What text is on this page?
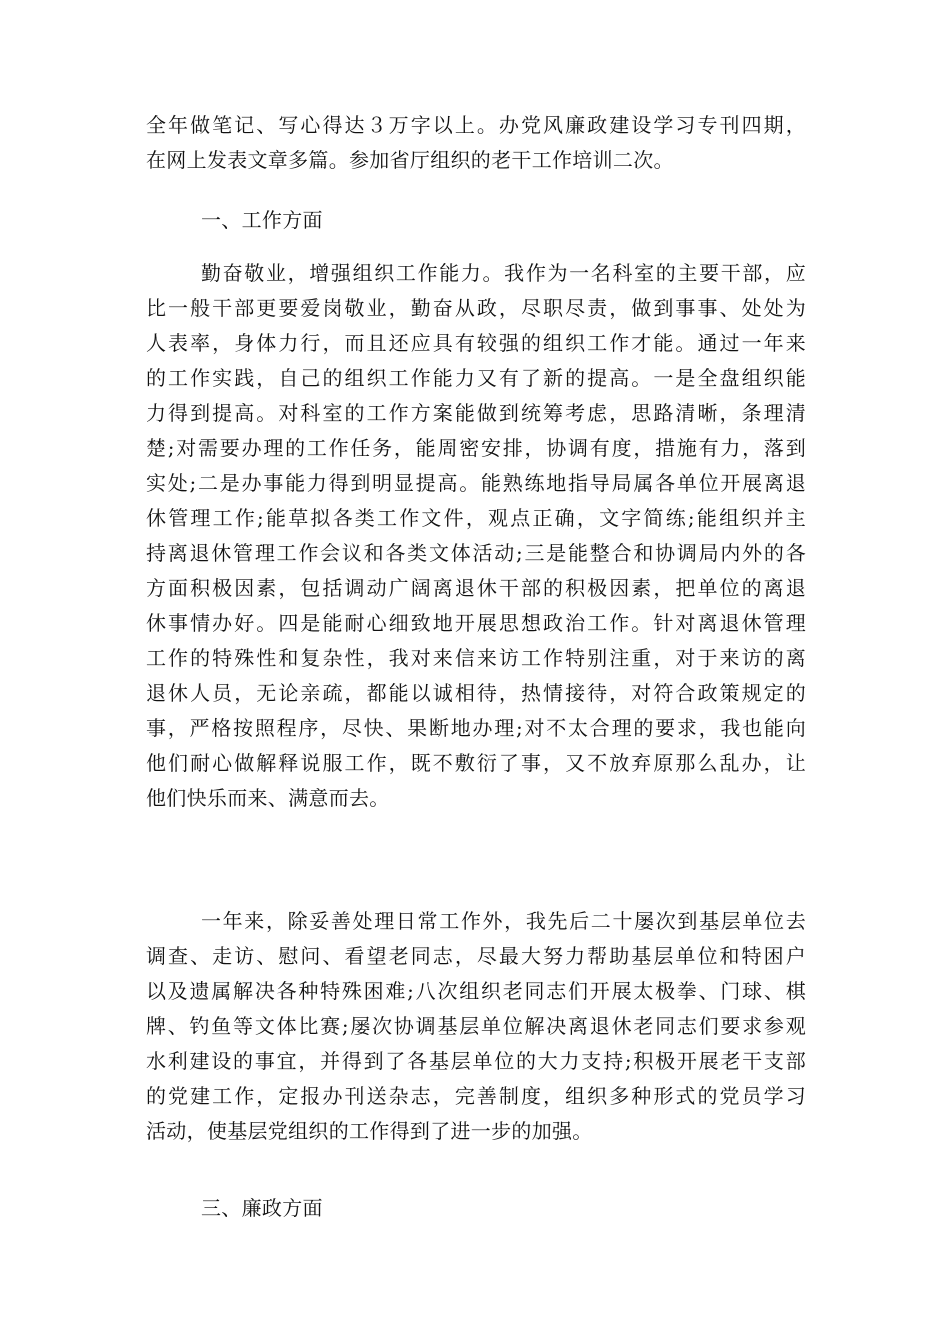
全年做笔记、写心得达３万字以上。办党风廉政建设学习专刊四期，
在网上发表文章多篇。参加省厅组织的老干工作培训二次。

一、工作方面

勤奋敬业，增强组织工作能力。我作为一名科室的主要干部，应
比一般干部更要爱岗敬业，勤奋从政，尽职尽责，做到事事、处处为
人表率，身体力行，而且还应具有较强的组织工作才能。通过一年来
的工作实践，自己的组织工作能力又有了新的提高。一是全盘组织能
力得到提高。对科室的工作方案能做到统筹考虑，思路清晰，条理清
楚;对需要办理的工作任务，能周密安排，协调有度，措施有力，落到
实处;二是办事能力得到明显提高。能熟练地指导局属各单位开展离退
休管理工作;能草拟各类工作文件，观点正确，文字简练;能组织并主
持离退休管理工作会议和各类文体活动;三是能整合和协调局内外的各
方面积极因素，包括调动广阔离退休干部的积极因素，把单位的离退
休事情办好。四是能耐心细致地开展思想政治工作。针对离退休管理
工作的特殊性和复杂性，我对来信来访工作特别注重，对于来访的离
退休人员，无论亲疏，都能以诚相待，热情接待，对符合政策规定的
事，严格按照程序，尽快、果断地办理;对不太合理的要求，我也能向
他们耐心做解释说服工作，既不敷衍了事，又不放弃原那么乱办，让
他们快乐而来、满意而去。

一年来，除妥善处理日常工作外，我先后二十屡次到基层单位去
调查、走访、慰问、看望老同志，尽最大努力帮助基层单位和特困户
以及遗属解决各种特殊困难;八次组织老同志们开展太极拳、门球、棋
牌、钓鱼等文体比赛;屡次协调基层单位解决离退休老同志们要求参观
水利建设的事宜，并得到了各基层单位的大力支持;积极开展老干支部
的党建工作，定报办刊送杂志，完善制度，组织多种形式的党员学习
活动，使基层党组织的工作得到了进一步的加强。

三、廉政方面
